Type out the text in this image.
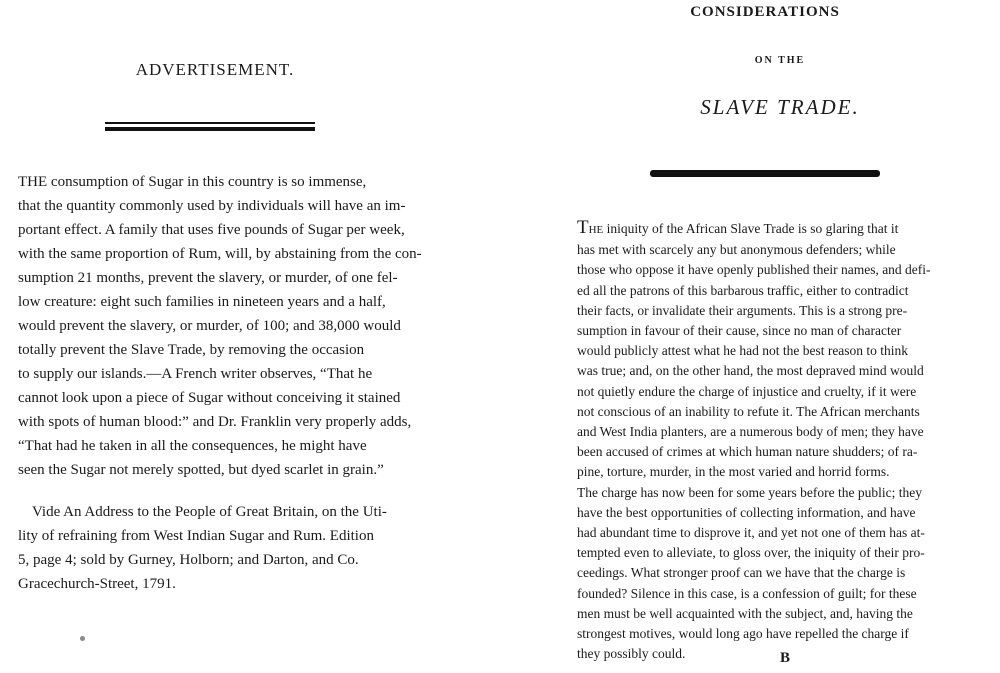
ADVERTISEMENT.
THE consumption of Sugar in this country is so immense,
that the quantity commonly used by individuals will have an im-
portant effect. A family that uses five pounds of Sugar per week,
with the same proportion of Rum, will, by abstaining from the con-
sumption 21 months, prevent the slavery, or murder, of one fel-
low creature: eight such families in nineteen years and a half,
would prevent the slavery, or murder, of 100; and 38,000 would
totally prevent the Slave Trade, by removing the occasion
to supply our islands.—A French writer observes, “That he
cannot look upon a piece of Sugar without conceiving it stained
with spots of human blood:” and Dr. Franklin very properly adds,
“That had he taken in all the consequences, he might have
seen the Sugar not merely spotted, but dyed scarlet in grain.”
Vide An Address to the People of Great Britain, on the Uti-
lity of refraining from West Indian Sugar and Rum. Edition
5, page 4; sold by Gurney, Holborn; and Darton, and Co.
Gracechurch-Street, 1791.
CONSIDERATIONS
ON THE
SLAVE TRADE.
THE iniquity of the African Slave Trade is so glaring that it
has met with scarcely any but anonymous defenders; while
those who oppose it have openly published their names, and defi-
ed all the patrons of this barbarous traffic, either to contradict
their facts, or invalidate their arguments. This is a strong pre-
sumption in favour of their cause, since no man of character
would publicly attest what he had not the best reason to think
was true; and, on the other hand, the most depraved mind would
not quietly endure the charge of injustice and cruelty, if it were
not conscious of an inability to refute it. The African merchants
and West India planters, are a numerous body of men; they have
been accused of crimes at which human nature shudders; of ra-
pine, torture, murder, in the most varied and horrid forms.
The charge has now been for some years before the public; they
have the best opportunities of collecting information, and have
had abundant time to disprove it, and yet not one of them has at-
tempted even to alleviate, to gloss over, the iniquity of their pro-
ceedings. What stronger proof can we have that the charge is
founded? Silence in this case, is a confession of guilt; for these
men must be well acquainted with the subject, and, having the
strongest motives, would long ago have repelled the charge if
they possibly could.	B
